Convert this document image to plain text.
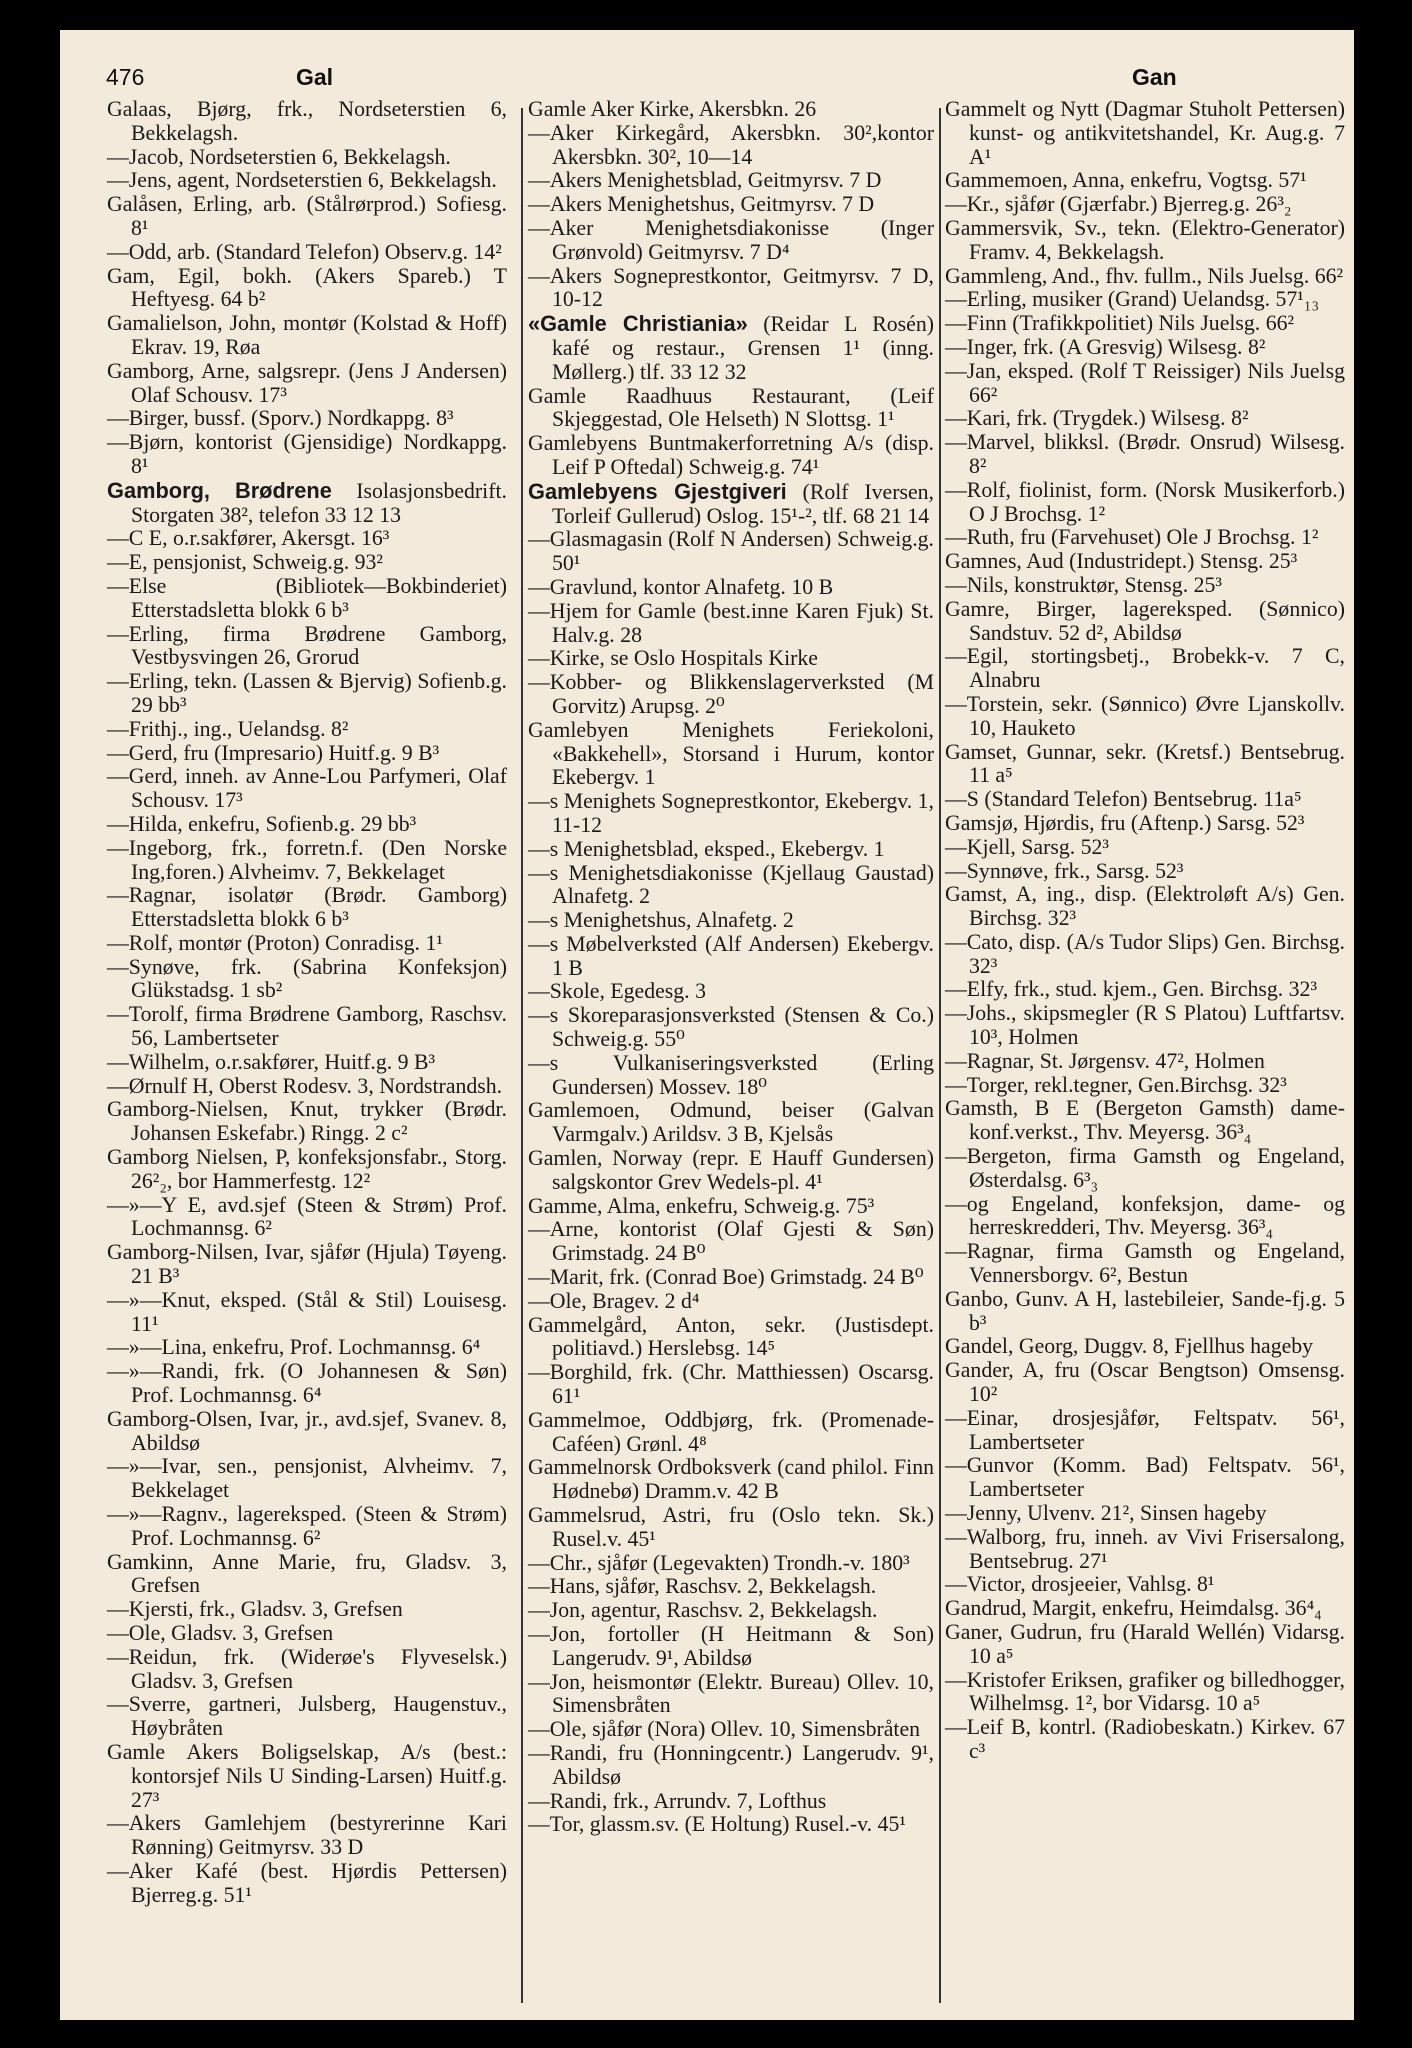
476	Gal	Gan

Galaas, Bjørg, frk., Nordseterstien 6, Bekkelagsh.

—Jacob, Nordseterstien 6, Bekkelagsh.

—Jens, agent, Nordseterstien 6, Bekkelagsh.

Galåsen, Erling, arb. (Stålrørprod.) Sofiesg. 8¹

—Odd, arb. (Standard Telefon) Observ.g. 14²

Gam, Egil, bokh. (Akers Spareb.) T Heftyesg. 64 b²

Gamalielson, John, montør (Kolstad & Hoff) Ekrav. 19, Røa

Gamborg, Arne, salgsrepr. (Jens J Andersen) Olaf Schousv. 17³

—Birger, bussf. (Sporv.) Nordkappg. 8³

—Bjørn, kontorist (Gjensidige) Nordkappg. 8¹

Gamborg, Brødrene Isolasjonsbedrift. Storgaten 38², telefon 33 12 13

—C E, o.r.sakfører, Akersgt. 16³

—E, pensjonist, Schweig.g. 93²

—Else (Bibliotek—Bokbinderiet) Etterstadsletta blokk 6 b³

—Erling, firma Brødrene Gamborg, Vestbysvingen 26, Grorud

—Erling, tekn. (Lassen & Bjervig) Sofienb.g. 29 bb³

—Frithj., ing., Uelandsg. 8²

—Gerd, fru (Impresario) Huitf.g. 9 B³

—Gerd, inneh. av Anne-Lou Parfymeri, Olaf Schousv. 17³

—Hilda, enkefru, Sofienb.g. 29 bb³

—Ingeborg, frk., forretn.f. (Den Norske Ing,foren.) Alvheimv. 7, Bekkelaget

—Ragnar, isolatør (Brødr. Gamborg) Etterstadsletta blokk 6 b³

—Rolf, montør (Proton) Conradisg. 1¹

—Synøve, frk. (Sabrina Konfeksjon) Glükstadsg. 1 sb²

—Torolf, firma Brødrene Gamborg, Raschsv. 56, Lambertseter

—Wilhelm, o.r.sakfører, Huitf.g. 9 B³

—Ørnulf H, Oberst Rodesv. 3, Nordstrandsh.

Gamborg-Nielsen, Knut, trykker (Brødr. Johansen Eskefabr.) Ringg. 2 c²

Gamborg Nielsen, P, konfeksjonsfabr., Storg. 26²₂, bor Hammerfestg. 12²

—»—Y E, avd.sjef (Steen & Strøm) Prof. Lochmannsg. 6²

Gamborg-Nilsen, Ivar, sjåfør (Hjula) Tøyeng. 21 B³

—»—Knut, eksped. (Stål & Stil) Louisesg. 11¹

—»—Lina, enkefru, Prof. Lochmannsg. 6⁴

—»—Randi, frk. (O Johannesen & Søn) Prof. Lochmannsg. 6⁴

Gamborg-Olsen, Ivar, jr., avd.sjef, Svanev. 8, Abildsø

—»—Ivar, sen., pensjonist, Alvheimv. 7, Bekkelaget

—»—Ragnv., lagereksped. (Steen & Strøm) Prof. Lochmannsg. 6²

Gamkinn, Anne Marie, fru, Gladsv. 3, Grefsen

—Kjersti, frk., Gladsv. 3, Grefsen

—Ole, Gladsv. 3, Grefsen

—Reidun, frk. (Widerøe's Flyveselsk.) Gladsv. 3, Grefsen

—Sverre, gartneri, Julsberg, Haugenstuv., Høybråten

Gamle Akers Boligselskap, A/s (best.: kontorsjef Nils U Sinding-Larsen) Huitf.g. 27³

—Akers Gamlehjem (bestyrerinne Kari Rønning) Geitmyrsv. 33 D

—Aker Kafé (best. Hjørdis Pettersen) Bjerreg.g. 51¹

Gamle Aker Kirke, Akersbkn. 26

—Aker Kirkegård, Akersbkn. 30²,kontor Akersbkn. 30², 10—14

—Akers Menighetsblad, Geitmyrsv. 7 D

—Akers Menighetshus, Geitmyrsv. 7 D

—Aker Menighetsdiakonisse (Inger Grønvold) Geitmyrsv. 7 D⁴

—Akers Sogneprestkontor, Geitmyrsv. 7 D, 10-12

«Gamle Christiania» (Reidar L Rosén) kafé og restaur., Grensen 1¹ (inng. Møllerg.) tlf. 33 12 32

Gamle Raadhuus Restaurant, (Leif Skjeggestad, Ole Helseth) N Slottsg. 1¹

Gamlebyens Buntmakerforretning A/s (disp. Leif P Oftedal) Schweig.g. 74¹

Gamlebyens Gjestgiveri (Rolf Iversen, Torleif Gullerud) Oslog. 15¹-², tlf. 68 21 14

—Glasmagasin (Rolf N Andersen) Schweig.g. 50¹

—Gravlund, kontor Alnafetg. 10 B

—Hjem for Gamle (best.inne Karen Fjuk) St. Halv.g. 28

—Kirke, se Oslo Hospitals Kirke

—Kobber- og Blikkenslagerverksted (M Gorvitz) Arupsg. 2⁰

Gamlebyen Menighets Feriekoloni, «Bakkehell», Storsand i Hurum, kontor Ekebergv. 1

—s Menighets Sogneprestkontor, Ekebergv. 1, 11-12

—s Menighetsblad, eksped., Ekebergv. 1

—s Menighetsdiakonisse (Kjellaug Gaustad) Alnafetg. 2

—s Menighetshus, Alnafetg. 2

—s Møbelverksted (Alf Andersen) Ekebergv. 1 B

—Skole, Egedesg. 3

—s Skoreparasjonsverksted (Stensen & Co.) Schweig.g. 55⁰

—s Vulkaniseringsverksted (Erling Gundersen) Mossev. 18⁰

Gamlemoen, Odmund, beiser (Galvan Varmgalv.) Arildsv. 3 B, Kjelsås

Gamlen, Norway (repr. E Hauff Gundersen) salgskontor Grev Wedels-pl. 4¹

Gamme, Alma, enkefru, Schweig.g. 75³

—Arne, kontorist (Olaf Gjesti & Søn) Grimstadg. 24 B⁰

—Marit, frk. (Conrad Boe) Grimstadg. 24 B⁰

—Ole, Bragev. 2 d⁴

Gammelgård, Anton, sekr. (Justisdept. politiavd.) Herslebsg. 14⁵

—Borghild, frk. (Chr. Matthiessen) Oscarsg. 61¹

Gammelmoe, Oddbjørg, frk. (Promenade-Caféen) Grønl. 4⁸

Gammelnorsk Ordboksverk (cand philol. Finn Hødnebø) Dramm.v. 42 B

Gammelsrud, Astri, fru (Oslo tekn. Sk.) Rusel.v. 45¹

—Chr., sjåfør (Legevakten) Trondh.-v. 180³

—Hans, sjåfør, Raschsv. 2, Bekkelagsh.

—Jon, agentur, Raschsv. 2, Bekkelagsh.

—Jon, fortoller (H Heitmann & Son) Langerudv. 9¹, Abildsø

—Jon, heismontør (Elektr. Bureau) Ollev. 10, Simensbråten

—Ole, sjåfør (Nora) Ollev. 10, Simensbråten

—Randi, fru (Honningcentr.) Langerudv. 9¹, Abildsø

—Randi, frk., Arrundv. 7, Lofthus

—Tor, glassm.sv. (E Holtung) Rusel.-v. 45¹

Gammelt og Nytt (Dagmar Stuholt Pettersen) kunst- og antikvitetshandel, Kr. Aug.g. 7 A¹

Gammemoen, Anna, enkefru, Vogtsg. 57¹

—Kr., sjåfør (Gjærfabr.) Bjerreg.g. 26³₂

Gammersvik, Sv., tekn. (Elektro-Generator) Framv. 4, Bekkelagsh.

Gammleng, And., fhv. fullm., Nils Juelsg. 66²

—Erling, musiker (Grand) Uelandsg. 57¹₁₃

—Finn (Trafikkpolitiet) Nils Juelsg. 66²

—Inger, frk. (A Gresvig) Wilsesg. 8²

—Jan, eksped. (Rolf T Reissiger) Nils Juelsg 66²

—Kari, frk. (Trygdek.) Wilsesg. 8²

—Marvel, blikksl. (Brødr. Onsrud) Wilsesg. 8²

—Rolf, fiolinist, form. (Norsk Musikerforb.) O J Brochsg. 1²

—Ruth, fru (Farvehuset) Ole J Brochsg. 1²

Gamnes, Aud (Industridept.) Stensg. 25³

—Nils, konstruktør, Stensg. 25³

Gamre, Birger, lagereksped. (Sønnico) Sandstuv. 52 d², Abildsø

—Egil, stortingsbetj., Brobekk-v. 7 C, Alnabru

—Torstein, sekr. (Sønnico) Øvre Ljanskollv. 10, Hauketo

Gamset, Gunnar, sekr. (Kretsf.) Bentsebrug. 11 a⁵

—S (Standard Telefon) Bentsebrug. 11a⁵

Gamsjø, Hjørdis, fru (Aftenp.) Sarsg. 52³

—Kjell, Sarsg. 52³

—Synnøve, frk., Sarsg. 52³

Gamst, A, ing., disp. (Elektroløft A/s) Gen. Birchsg. 32³

—Cato, disp. (A/s Tudor Slips) Gen. Birchsg. 32³

—Elfy, frk., stud. kjem., Gen. Birchsg. 32³

—Johs., skipsmegler (R S Platou) Luftfartsv. 10³, Holmen

—Ragnar, St. Jørgensv. 47², Holmen

—Torger, rekl.tegner, Gen.Birchsg. 32³

Gamsth, B E (Bergeton Gamsth) dame-konf.verkst., Thv. Meyersg. 36³₄

—Bergeton, firma Gamsth og Engeland, Østerdalsg. 6³₃

—og Engeland, konfeksjon, dame- og herreskredderi, Thv. Meyersg. 36³₄

—Ragnar, firma Gamsth og Engeland, Vennersborgv. 6², Bestun

Ganbo, Gunv. A H, lastebileier, Sande-fj.g. 5 b³

Gandel, Georg, Duggv. 8, Fjellhus hageby

Gander, A, fru (Oscar Bengtson) Omsensg. 10²

—Einar, drosjesjåfør, Feltspatv. 56¹, Lambertseter

—Gunvor (Komm. Bad) Feltspatv. 56¹, Lambertseter

—Jenny, Ulvenv. 21², Sinsen hageby

—Walborg, fru, inneh. av Vivi Frisersalong, Bentsebrug. 27¹

—Victor, drosjeeier, Vahlsg. 8¹

Gandrud, Margit, enkefru, Heimdalsg. 36⁴₄

Ganer, Gudrun, fru (Harald Wellén) Vidarsg. 10 a⁵

—Kristofer Eriksen, grafiker og billedhogger, Wilhelmsg. 1², bor Vidarsg. 10 a⁵

—Leif B, kontrl. (Radiobeskatn.) Kirkev. 67 c³
